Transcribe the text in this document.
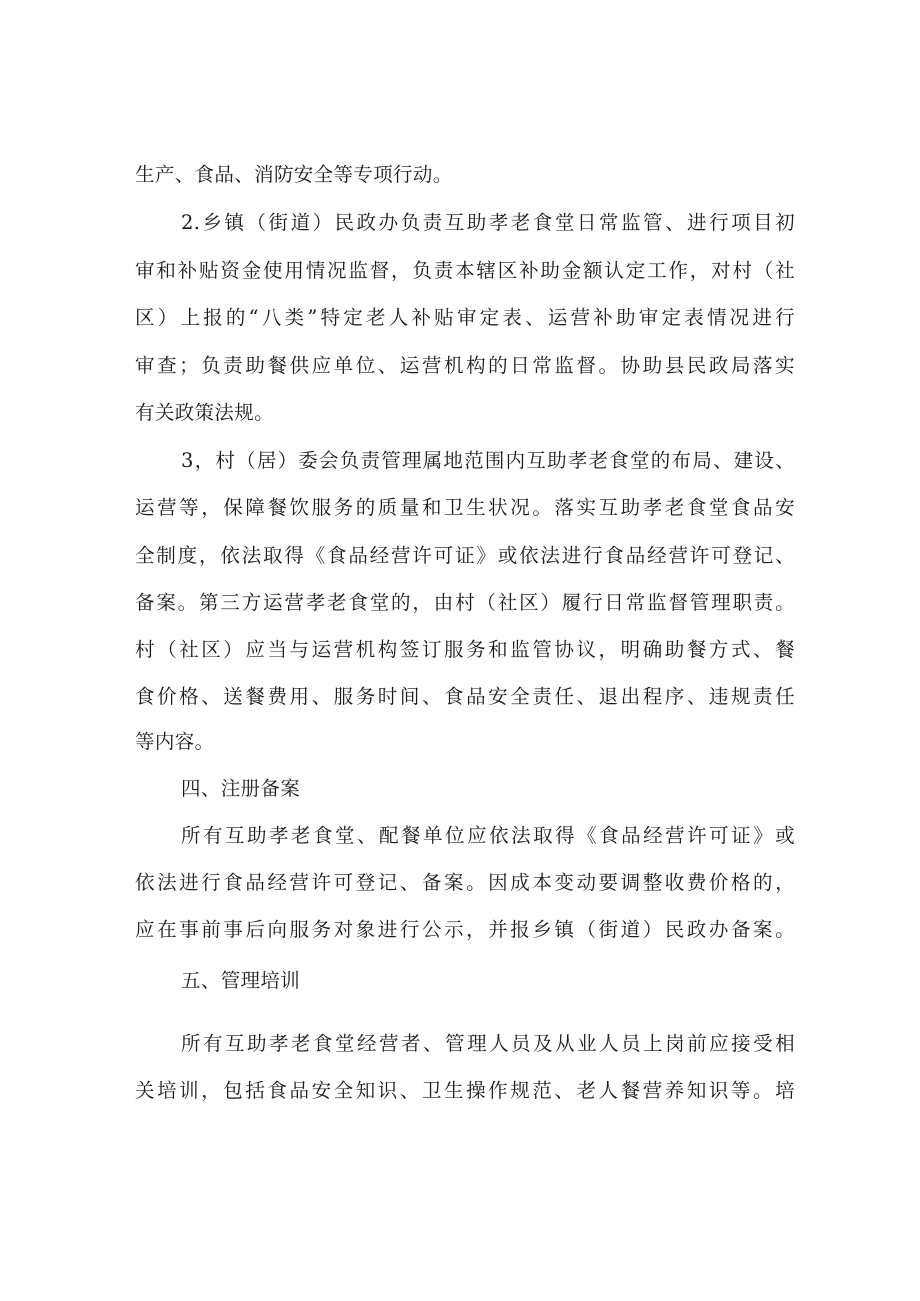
生产、食品、消防安全等专项行动。
2.乡镇（街道）民政办负责互助孝老食堂日常监管、进行项目初
审和补贴资金使用情况监督，负责本辖区补助金额认定工作，对村（社
区）上报的“八类”特定老人补贴审定表、运营补助审定表情况进行
审查；负责助餐供应单位、运营机构的日常监督。协助县民政局落实
有关政策法规。
3，村（居）委会负责管理属地范围内互助孝老食堂的布局、建设、
运营等，保障餐饮服务的质量和卫生状况。落实互助孝老食堂食品安
全制度，依法取得《食品经营许可证》或依法进行食品经营许可登记、
备案。第三方运营孝老食堂的，由村（社区）履行日常监督管理职责。
村（社区）应当与运营机构签订服务和监管协议，明确助餐方式、餐
食价格、送餐费用、服务时间、食品安全责任、退出程序、违规责任
等内容。
四、注册备案
所有互助孝老食堂、配餐单位应依法取得《食品经营许可证》或
依法进行食品经营许可登记、备案。因成本变动要调整收费价格的，
应在事前事后向服务对象进行公示，并报乡镇（街道）民政办备案。
五、管理培训
所有互助孝老食堂经营者、管理人员及从业人员上岗前应接受相
关培训，包括食品安全知识、卫生操作规范、老人餐营养知识等。培
